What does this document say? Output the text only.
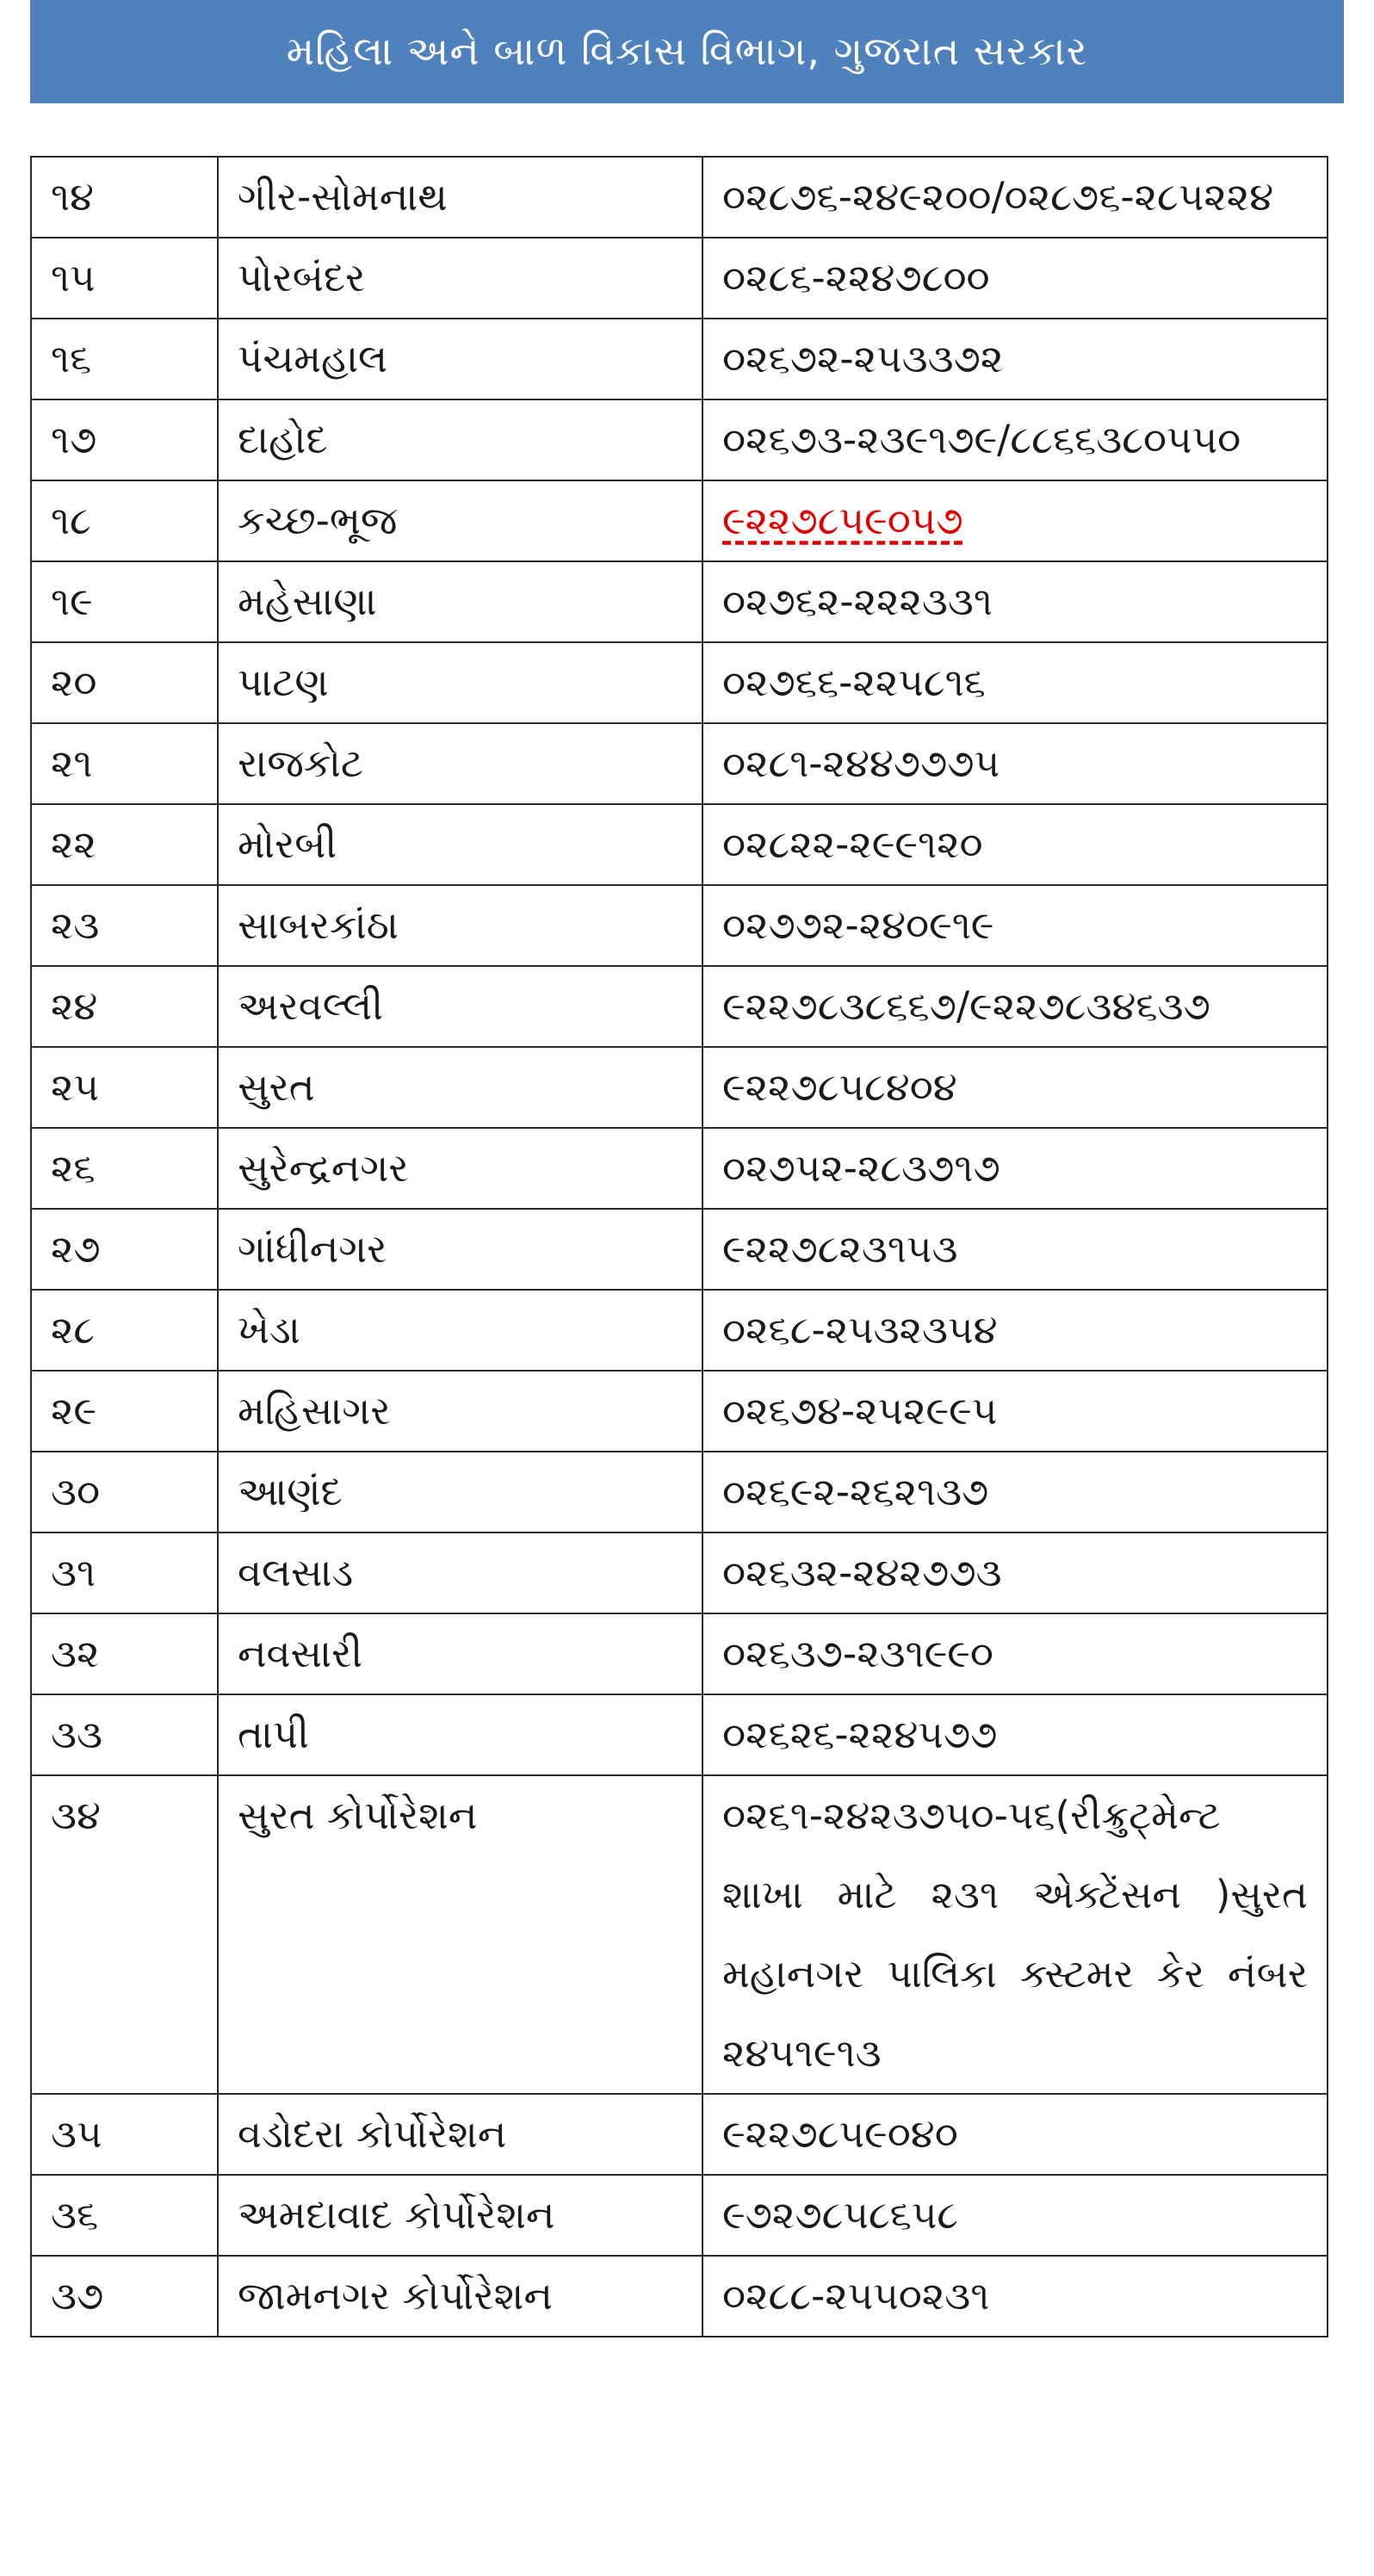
મહિલા અને બાળ વિકાસ વિભાગ, ગુજરાત સરકાર
૧૪	ગીર-સોમનાથ	૦૨૮૭૬-૨૪૯૨૦૦/૦૨૮૭૬-૨૮૫૨૨૪

૧૫	પોરબંદર	૦૨૮૬-૨૨૪૭૮૦૦

૧૬	પંચમહાલ	૦૨૬૭૨-૨૫૩૩૭૨

૧૭	દાહોદ	૦૨૬૭૩-૨૩૯૧૭૯/૮૮૬૬૩૮૦૫૫૦

૧૮	કચ્છ-ભૂજ	૯૨૨૭૮૫૯૦૫૭

૧૯	મહેસાણા	૦૨૭૬૨-૨૨૨૩૩૧

૨૦	પાટણ	૦૨૭૬૬-૨૨૫૮૧૬

૨૧	રાજકોટ	૦૨૮૧-૨૪૪૭૭૭૫

૨૨	મોરબી	૦૨૮૨૨-૨૯૯૧૨૦

૨૩	સાબરકાંઠા	૦૨૭૭૨-૨૪૦૯૧૯

૨૪	અરવલ્લી	૯૨૨૭૮૩૮૬૬૭/૯૨૨૭૮૩૪૬૩૭

૨૫	સુરત	૯૨૨૭૮૫૮૪૦૪

૨૬	સુરેન્દ્રનગર	૦૨૭૫૨-૨૮૩૭૧૭

૨૭	ગાંધીનગર	૯૨૨૭૮૨૩૧૫૩

૨૮	ખેડા	૦૨૬૮-૨૫૩૨૩૫૪

૨૯	મહિસાગર	૦૨૬૭૪-૨૫૨૯૯૫

૩૦	આણંદ	૦૨૬૯૨-૨૬૨૧૩૭

૩૧	વલસાડ	૦૨૬૩૨-૨૪૨૭૭૩

૩૨	નવસારી	૦૨૬૩૭-૨૩૧૯૯૦

૩૩	તાપી	૦૨૬૨૬-૨૨૪૫૭૭

૩૪	સુરત કોર્પોરેશન	૦૨૬૧-૨૪૨૩૭૫૦-૫૬(રીક્રુટ્મેન્ટ શાખા માટે ૨૩૧ એક્ટેંસન )સુરત મહાનગર પાલિકા ક્સ્ટમર કેર નંબર ૨૪૫૧૯૧૩

૩૫	વડોદરા કોર્પોરેશન	૯૨૨૭૮૫૯૦૪૦

૩૬	અમદાવાદ કોર્પોરેશન	૯૭૨૭૮૫૮૬૫૮

૩૭	જામનગર કોર્પોરેશન	૦૨૮૮-૨૫૫૦૨૩૧
